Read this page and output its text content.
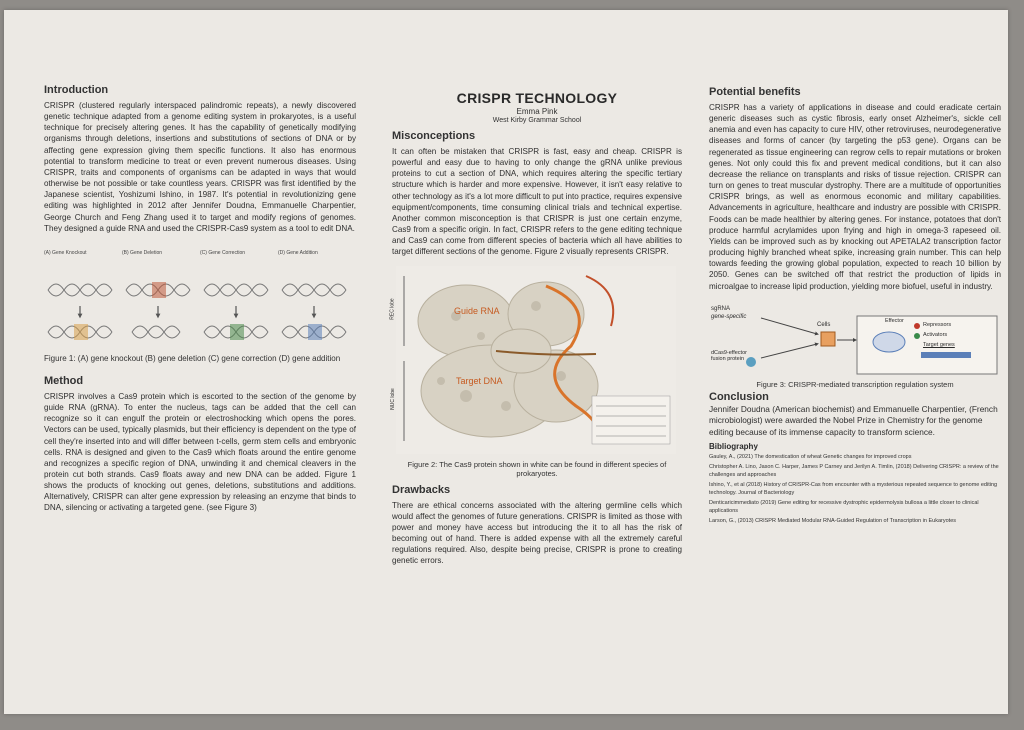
Introduction

CRISPR (clustered regularly interspaced palindromic repeats), a newly discovered genetic technique adapted from a genome editing system in prokaryotes, is a useful technique for precisely altering genes. It has the capability of genetically modifying organisms through deletions, insertions and substitutions of sections of DNA or by affecting gene expression giving them specific functions. It also has enormous potential to transform medicine to treat or even prevent numerous diseases. Using CRISPR, traits and components of organisms can be adapted in ways that would otherwise be not possible or take countless years. CRISPR was first identified by the Japanese scientist, Yoshizumi Ishino, in 1987. It's potential in revolutionizing gene editing was highlighted in 2012 after Jennifer Doudna, Emmanuelle Charpentier, George Church and Feng Zhang used it to target and modify regions of genomes. They designed a guide RNA and used the CRISPR-Cas9 system as a tool to edit DNA.

(A) Gene Knockout	(B) Gene Deletion	(C) Gene Correction	(D) Gene Addition

Figure 1: (A) gene knockout (B) gene deletion (C) gene correction (D) gene addition

Method

CRISPR involves a Cas9 protein which is escorted to the section of the genome by guide RNA (gRNA). To enter the nucleus, tags can be added that the cell can recognize so it can engulf the protein or electroshocking which opens the pores. Vectors can be used, typically plasmids, but their efficiency is dependent on the type of cell they're inserted into and will differ between t-cells, germ stem cells and embryonic cells. RNA is designed and given to the Cas9 which floats around the entire genome and recognizes a specific region of DNA, unwinding it and chemical cleavers in the protein cut both strands. Cas9 floats away and new DNA can be added. Figure 1 shows the products of knocking out genes, deletions, substitutions and additions. Alternatively, CRISPR can alter gene expression by releasing an enzyme that binds to DNA, silencing or activating a targeted gene. (see Figure 3)

CRISPR TECHNOLOGY

Emma Pink

West Kirby Grammar School

Misconceptions

It can often be mistaken that CRISPR is fast, easy and cheap. CRISPR is powerful and easy due to having to only change the gRNA unlike previous proteins to cut a section of DNA, which requires altering the specific tertiary structure which is harder and more expensive. However, it isn't easy relative to other technology as it's a lot more difficult to put into practice, requires expensive equipment/components, time consuming clinical trials and technical expertise. Another common misconception is that CRISPR is just one certain enzyme, Cas9 from a specific origin. In fact, CRISPR refers to the gene editing technique and Cas9 can come from different species of bacteria which all have abilities to target different sections of the genome. Figure 2 visually represents CRISPR.

Guide RNA
Target DNA
REC lobe
NUC lobe

Figure 2: The Cas9 protein shown in white can be found in different species of prokaryotes.

Drawbacks

There are ethical concerns associated with the altering germline cells which would affect the genomes of future generations. CRISPR is limited as those with power and money have access but introducing the it to all has the risk of becoming out of hand. There is added expense with all the extremely careful regulations required. Also, despite being precise, CRISPR is prone to creating genetic errors.

Potential benefits

CRISPR has a variety of applications in disease and could eradicate certain generic diseases such as cystic fibrosis, early onset Alzheimer's, sickle cell anemia and even has capacity to cure HIV, other retroviruses, neurodegenerative diseases and forms of cancer (by targeting the p53 gene). Organs can be regenerated as tissue engineering can regrow cells to repair mutations or broken genes. Not only could this fix and prevent medical conditions, but it can also decrease the reliance on transplants and risks of tissue rejection. CRISPR can turn on genes to treat muscular dystrophy. There are a multitude of opportunities CRISPR brings, as well as enormous economic and military capabilities. Advancements in agriculture, healthcare and industry are possible with CRISPR. Foods can be made healthier by altering genes. For instance, potatoes that don't produce harmful acrylamides upon frying and high in omega-3 rapeseed oil. Yields can be improved such as by knocking out APETALA2 transcription factor producing highly branched wheat spike, increasing grain number. This can help towards feeding the growing global population, expected to reach 10 billion by 2050. Genes can be switched off that restrict the production of lipids in microalgae to increase lipid production, yielding more biofuel, useful in industry.

sgRNA
gene-specific
dCas9-effector fusion protein
Cells	Repressors
Activators
Effector
Target genes

Figure 3: CRISPR-mediated transcription regulation system

Conclusion

Jennifer Doudna (American biochemist) and Emmanuelle Charpentier, (French microbiologist) were awarded the Nobel Prize in Chemistry for the genome editing because of its immense capacity to transform science.

Bibliography

Gauley, A., (2021) The domestication of wheat Genetic changes for improved crops

Christopher A. Lino, Jason C. Harper, James P Carney and Jerilyn A. Timlin, (2018) Delivering CRISPR: a review of the challenges and approaches

Ishino, Y., et al (2018) History of CRISPR-Cas from encounter with a mysterious repeated sequence to genome editing technology. Journal of Bacteriology

Denticaricimmediato (2019) Gene editing for recessive dystrophic epidermolysis bullosa a little closer to clinical applications

Larson, G., (2013) CRISPR Mediated Modular RNA-Guided Regulation of Transcription in Eukaryotes
